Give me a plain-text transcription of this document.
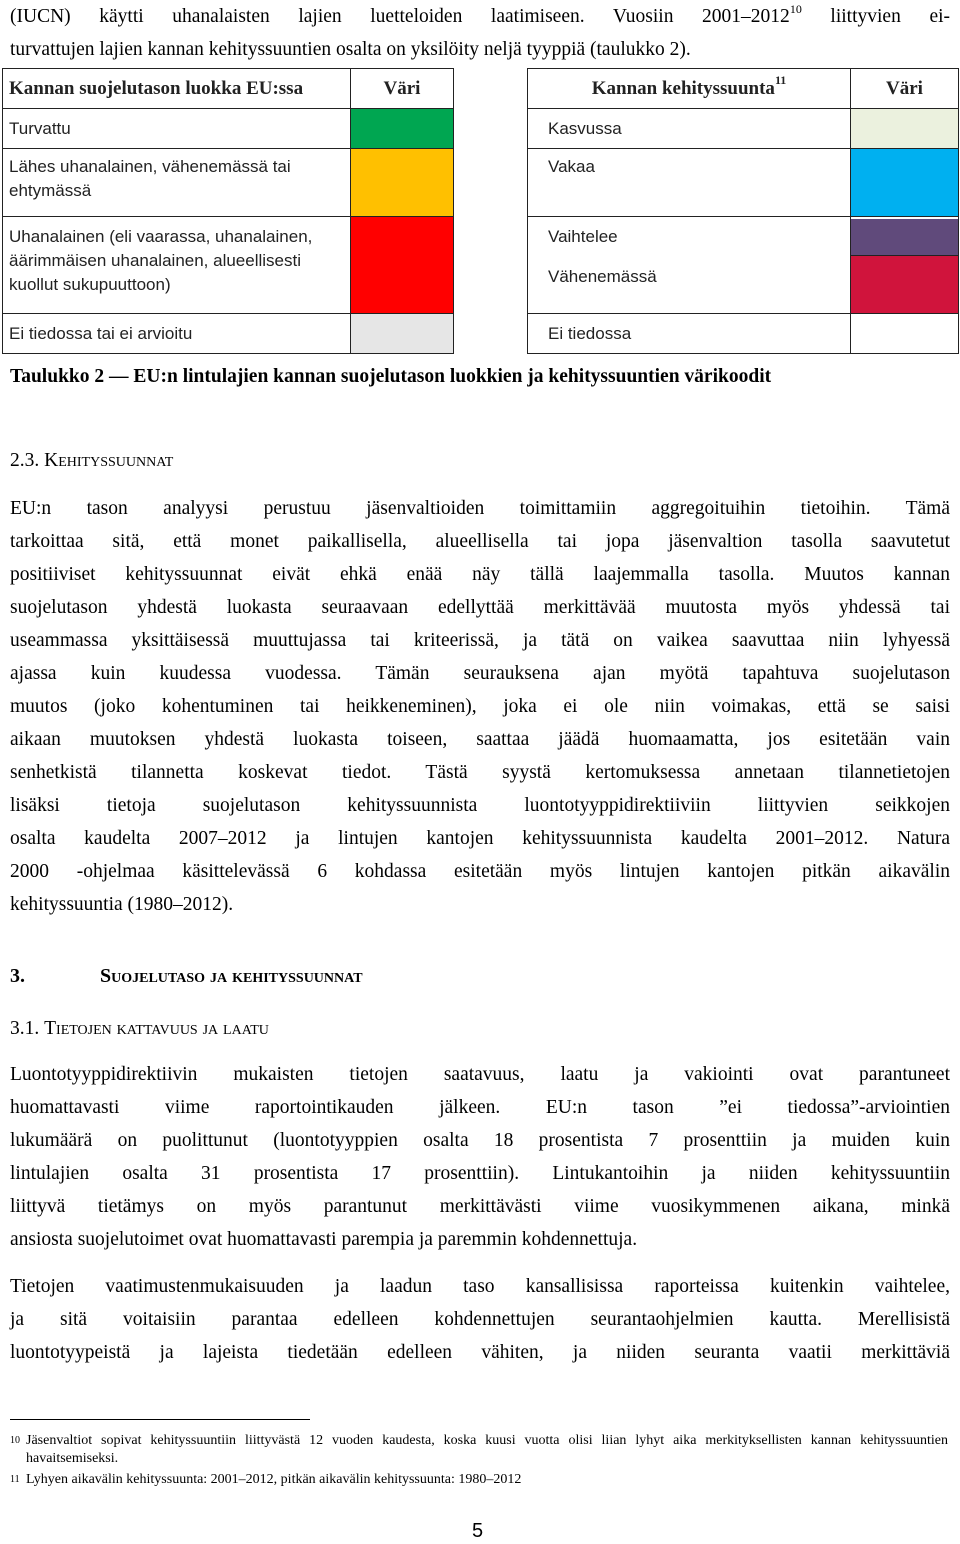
(IUCN) käytti uhanalaisten lajien luetteloiden laatimiseen. Vuosiin 2001–2012$^{10}$ liittyvien ei-
turvattujen lajien kannan kehityssuuntien osalta on yksilöity neljä tyyppiä (taulukko 2).
Kannan suojelutason luokka EU:ssa	Väri		Kannan kehityssuunta$^{11}$	Väri
Turvattu			Kasvussa	
Lähes uhanalainen, vähenemässä tai ehtymässä			Vakaa	
Uhanalainen (eli vaarassa, uhanalainen, äärimmäisen uhanalainen, alueellisesti kuollut sukupuuttoon)			Vaihtelee
Vähenemässä	

Ei tiedossa tai ei arvioitu			Ei tiedossa	
Taulukko 2 — EU:n lintulajien kannan suojelutason luokkien ja kehityssuuntien värikoodit
2.3. Kehityssuunnat
EU:n tason analyysi perustuu jäsenvaltioiden toimittamiin aggregoituihin tietoihin. Tämä
tarkoittaa sitä, että monet paikallisella, alueellisella tai jopa jäsenvaltion tasolla saavutetut
positiiviset kehityssuunnat eivät ehkä enää näy tällä laajemmalla tasolla. Muutos kannan
suojelutason yhdestä luokasta seuraavaan edellyttää merkittävää muutosta myös yhdessä tai
useammassa yksittäisessä muuttujassa tai kriteerissä, ja tätä on vaikea saavuttaa niin lyhyessä
ajassa kuin kuudessa vuodessa. Tämän seurauksena ajan myötä tapahtuva suojelutason
muutos (joko kohentuminen tai heikkeneminen), joka ei ole niin voimakas, että se saisi
aikaan muutoksen yhdestä luokasta toiseen, saattaa jäädä huomaamatta, jos esitetään vain
senhetkistä tilannetta koskevat tiedot. Tästä syystä kertomuksessa annetaan tilannetietojen
lisäksi tietoja suojelutason kehityssuunnista luontotyyppidirektiiviin liittyvien seikkojen
osalta kaudelta 2007–2012 ja lintujen kantojen kehityssuunnista kaudelta 2001–2012. Natura
2000 -ohjelmaa käsittelevässä 6 kohdassa esitetään myös lintujen kantojen pitkän aikavälin
kehityssuuntia (1980–2012).
3.	Suojelutaso ja kehityssuunnat
3.1. Tietojen kattavuus ja laatu
Luontotyyppidirektiivin mukaisten tietojen saatavuus, laatu ja vakiointi ovat parantuneet
huomattavasti viime raportointikauden jälkeen. EU:n tason ”ei tiedossa”-arviointien
lukumäärä on puolittunut (luontotyyppien osalta 18 prosentista 7 prosenttiin ja muiden kuin
lintulajien osalta 31 prosentista 17 prosenttiin). Lintukantoihin ja niiden kehityssuuntiin
liittyvä tietämys on myös parantunut merkittävästi viime vuosikymmenen aikana, minkä
ansiosta suojelutoimet ovat huomattavasti parempia ja paremmin kohdennettuja.
Tietojen vaatimustenmukaisuuden ja laadun taso kansallisissa raporteissa kuitenkin vaihtelee,
ja sitä voitaisiin parantaa edelleen kohdennettujen seurantaohjelmien kautta. Merellisistä
luontotyypeistä ja lajeista tiedetään edelleen vähiten, ja niiden seuranta vaatii merkittäviä
10 Jäsenvaltiot sopivat kehityssuuntiin liittyvästä 12 vuoden kaudesta, koska kuusi vuotta olisi liian lyhyt aika merkityksellisten kannan kehityssuuntien havaitsemiseksi.
11 Lyhyen aikavälin kehityssuunta: 2001–2012, pitkän aikavälin kehityssuunta: 1980–2012
5
